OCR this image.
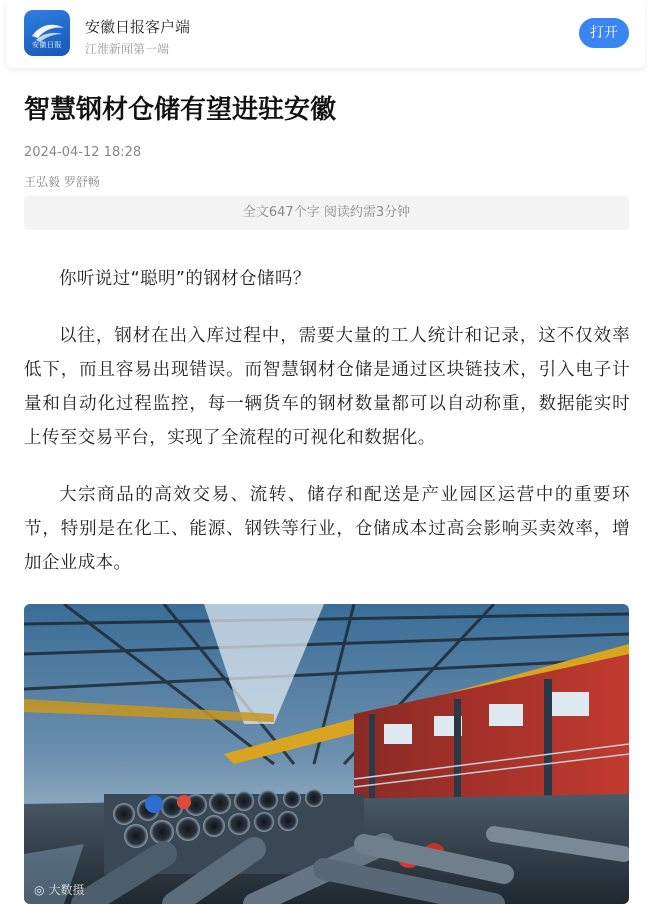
安徽日报
安徽日报客户端
江淮新闻第一端
打开
智慧钢材仓储有望进驻安徽
2024-04-12 18:28
王弘毅 罗舒畅
全文647个字 阅读约需3分钟

你听说过“聪明”的钢材仓储吗？

以往，钢材在出入库过程中，需要大量的工人统计和记录，这不仅效率低下，而且容易出现错误。而智慧钢材仓储是通过区块链技术，引入电子计量和自动化过程监控，每一辆货车的钢材数量都可以自动称重，数据能实时上传至交易平台，实现了全流程的可视化和数据化。

大宗商品的高效交易、流转、储存和配送是产业园区运营中的重要环节，特别是在化工、能源、钢铁等行业，仓储成本过高会影响买卖效率，增加企业成本。

◎ 大数摄
